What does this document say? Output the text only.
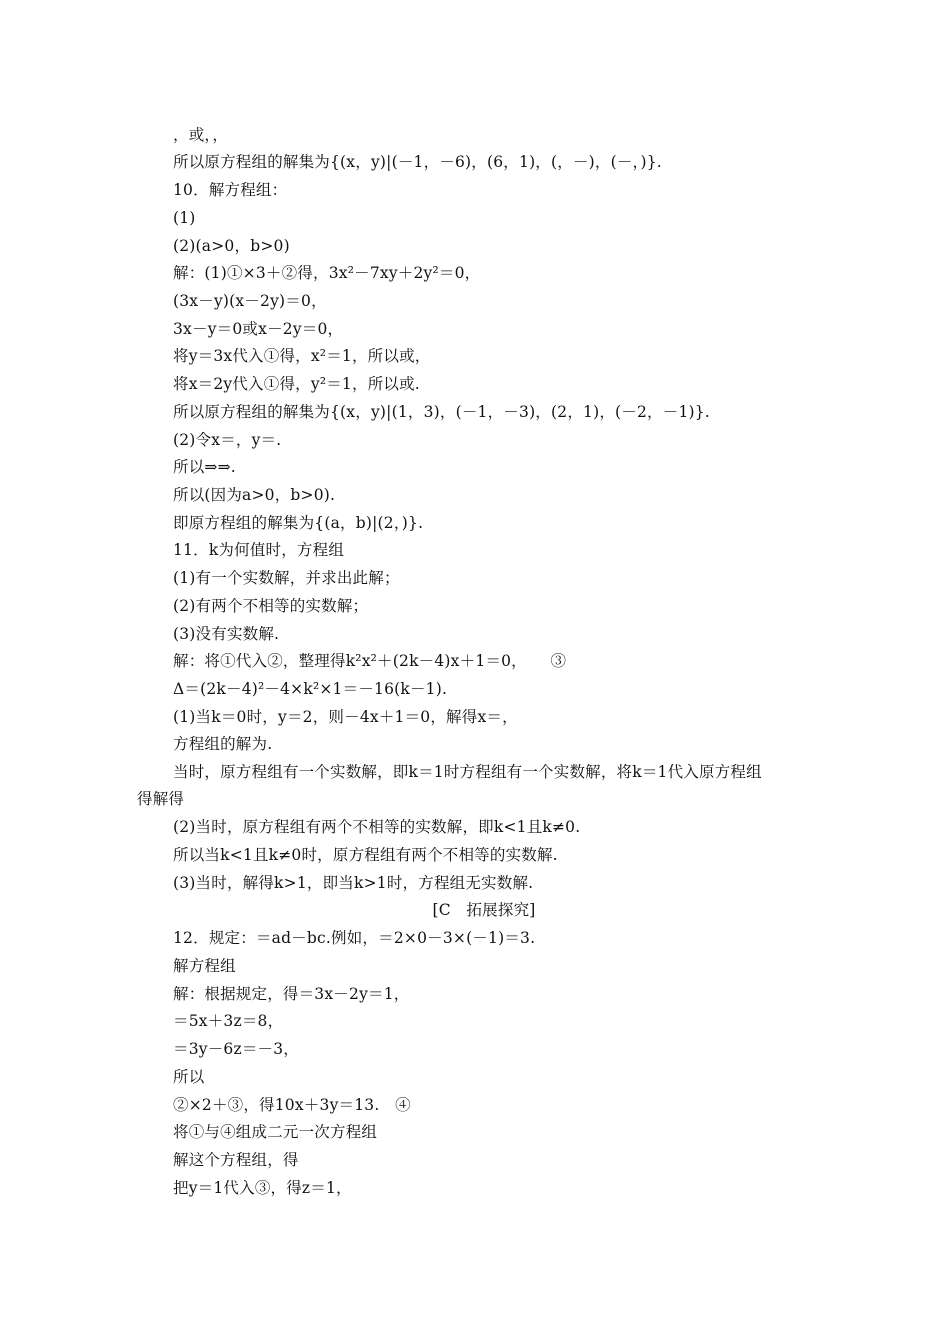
，或，，
所以原方程组的解集为{(x，y)|(－1，－6)，(6，1)，(，－)，(－，)}.
10．解方程组：
(1)
(2)(a>0，b>0)
解：(1)①×3＋②得，3x²－7xy＋2y²＝0，
(3x－y)(x－2y)＝0，
3x－y＝0或x－2y＝0，
将y＝3x代入①得，x²＝1，所以或，
将x＝2y代入①得，y²＝1，所以或.
所以原方程组的解集为{(x，y)|(1，3)，(－1，－3)，(2，1)，(－2，－1)}.
(2)令x＝，y＝.
所以⇒⇒.
所以(因为a>0，b>0).
即原方程组的解集为{(a，b)|(2，)}.
11．k为何值时，方程组
(1)有一个实数解，并求出此解；
(2)有两个不相等的实数解；
(3)没有实数解.
解：将①代入②，整理得k²x²＋(2k－4)x＋1＝0，　　③
Δ＝(2k－4)²－4×k²×1＝－16(k－1).
(1)当k＝0时，y＝2，则－4x＋1＝0，解得x＝，
方程组的解为.
当时，原方程组有一个实数解，即k＝1时方程组有一个实数解，将k＝1代入原方程组
得解得
(2)当时，原方程组有两个不相等的实数解，即k<1且k≠0.
所以当k<1且k≠0时，原方程组有两个不相等的实数解.
(3)当时，解得k>1，即当k>1时，方程组无实数解.
[C　拓展探究]
12．规定：＝ad－bc.例如，＝2×0－3×(－1)＝3.
解方程组
解：根据规定，得＝3x－2y＝1，
＝5x＋3z＝8，
＝3y－6z＝－3，
所以
②×2＋③，得10x＋3y＝13.　④
将①与④组成二元一次方程组
解这个方程组，得
把y＝1代入③，得z＝1，
